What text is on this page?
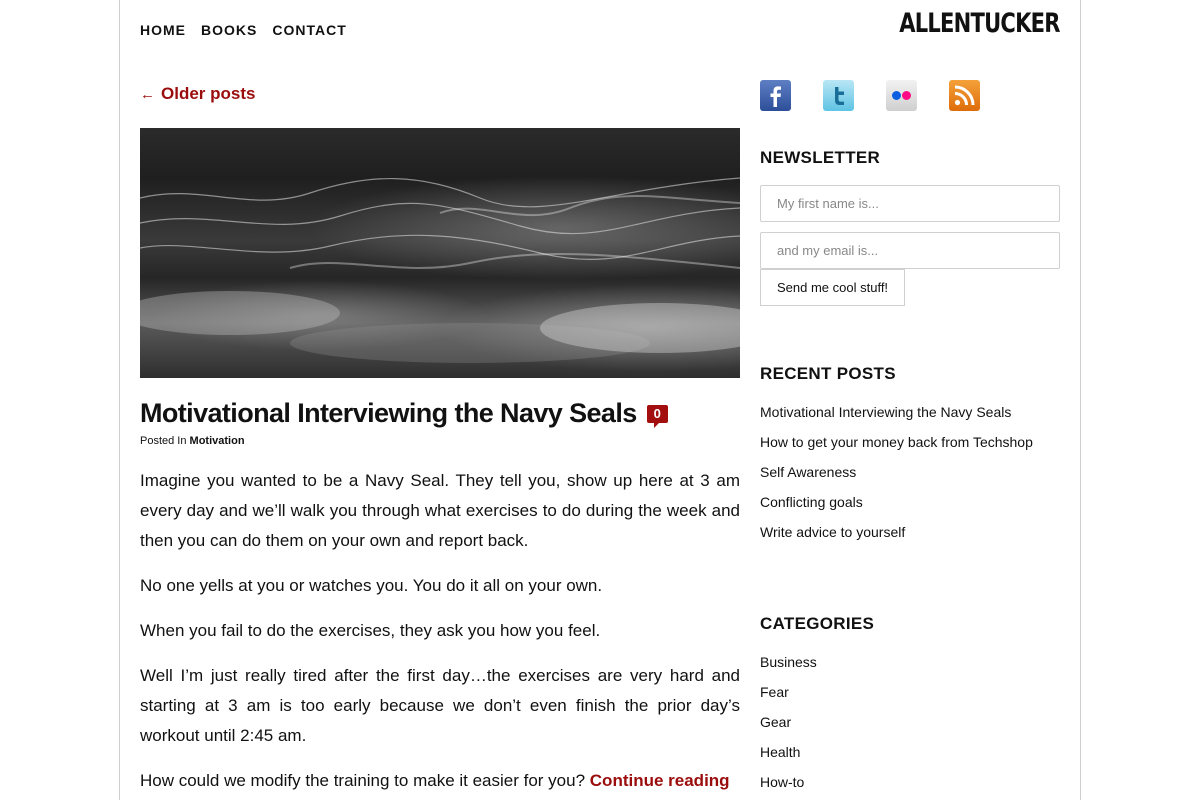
HOME BOOKS CONTACT	ALLENTUCKER
← Older posts
Motivational Interviewing the Navy Seals	0
Posted In Motivation

Imagine you wanted to be a Navy Seal. They tell you, show up here at 3 am every day and we’ll walk you through what exercises to do during the week and then you can do them on your own and report back.

No one yells at you or watches you. You do it all on your own.

When you fail to do the exercises, they ask you how you feel.

Well I’m just really tired after the first day…the exercises are very hard and starting at 3 am is too early because we don’t even finish the prior day’s workout until 2:45 am.

How could we modify the training to make it easier for you? Continue reading

NEWSLETTER
My first name is...
and my email is...
Send me cool stuff!
RECENT POSTS
Motivational Interviewing the Navy Seals
How to get your money back from Techshop
Self Awareness
Conflicting goals
Write advice to yourself
CATEGORIES
Business
Fear
Gear
Health
How-to
